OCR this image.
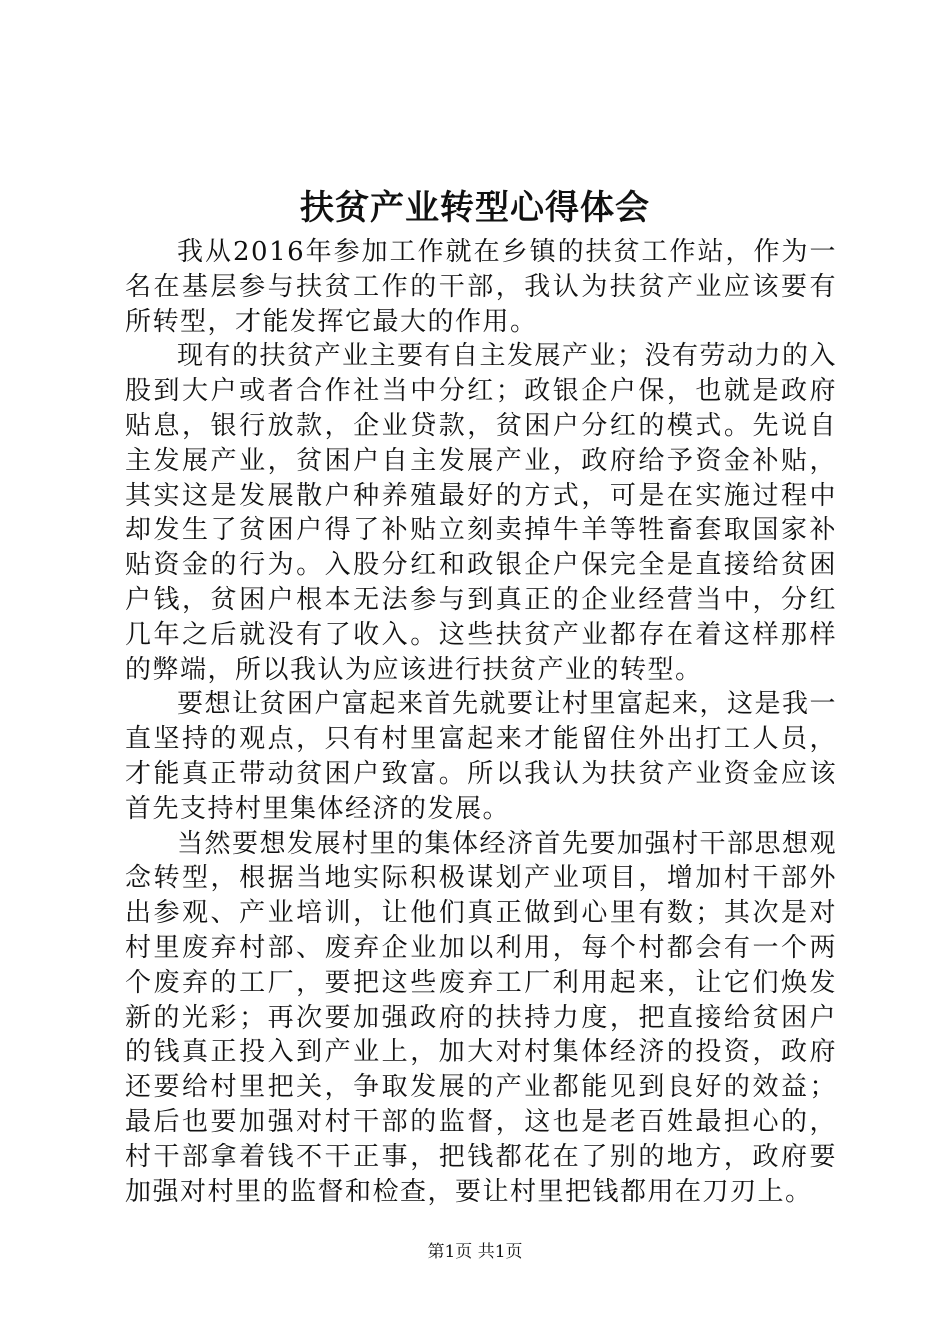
扶贫产业转型心得体会

我从2016年参加工作就在乡镇的扶贫工作站，作为一名在基层参与扶贫工作的干部，我认为扶贫产业应该要有所转型，才能发挥它最大的作用。

现有的扶贫产业主要有自主发展产业；没有劳动力的入股到大户或者合作社当中分红；政银企户保，也就是政府贴息，银行放款，企业贷款，贫困户分红的模式。先说自主发展产业，贫困户自主发展产业，政府给予资金补贴，其实这是发展散户种养殖最好的方式，可是在实施过程中却发生了贫困户得了补贴立刻卖掉牛羊等牲畜套取国家补贴资金的行为。入股分红和政银企户保完全是直接给贫困户钱，贫困户根本无法参与到真正的企业经营当中，分红几年之后就没有了收入。这些扶贫产业都存在着这样那样的弊端，所以我认为应该进行扶贫产业的转型。

要想让贫困户富起来首先就要让村里富起来，这是我一直坚持的观点，只有村里富起来才能留住外出打工人员，才能真正带动贫困户致富。所以我认为扶贫产业资金应该首先支持村里集体经济的发展。

当然要想发展村里的集体经济首先要加强村干部思想观念转型，根据当地实际积极谋划产业项目，增加村干部外出参观、产业培训，让他们真正做到心里有数；其次是对村里废弃村部、废弃企业加以利用，每个村都会有一个两个废弃的工厂，要把这些废弃工厂利用起来，让它们焕发新的光彩；再次要加强政府的扶持力度，把直接给贫困户的钱真正投入到产业上，加大对村集体经济的投资，政府还要给村里把关，争取发展的产业都能见到良好的效益；最后也要加强对村干部的监督，这也是老百姓最担心的，村干部拿着钱不干正事，把钱都花在了别的地方，政府要加强对村里的监督和检查，要让村里把钱都用在刀刃上。

第1页 共1页
